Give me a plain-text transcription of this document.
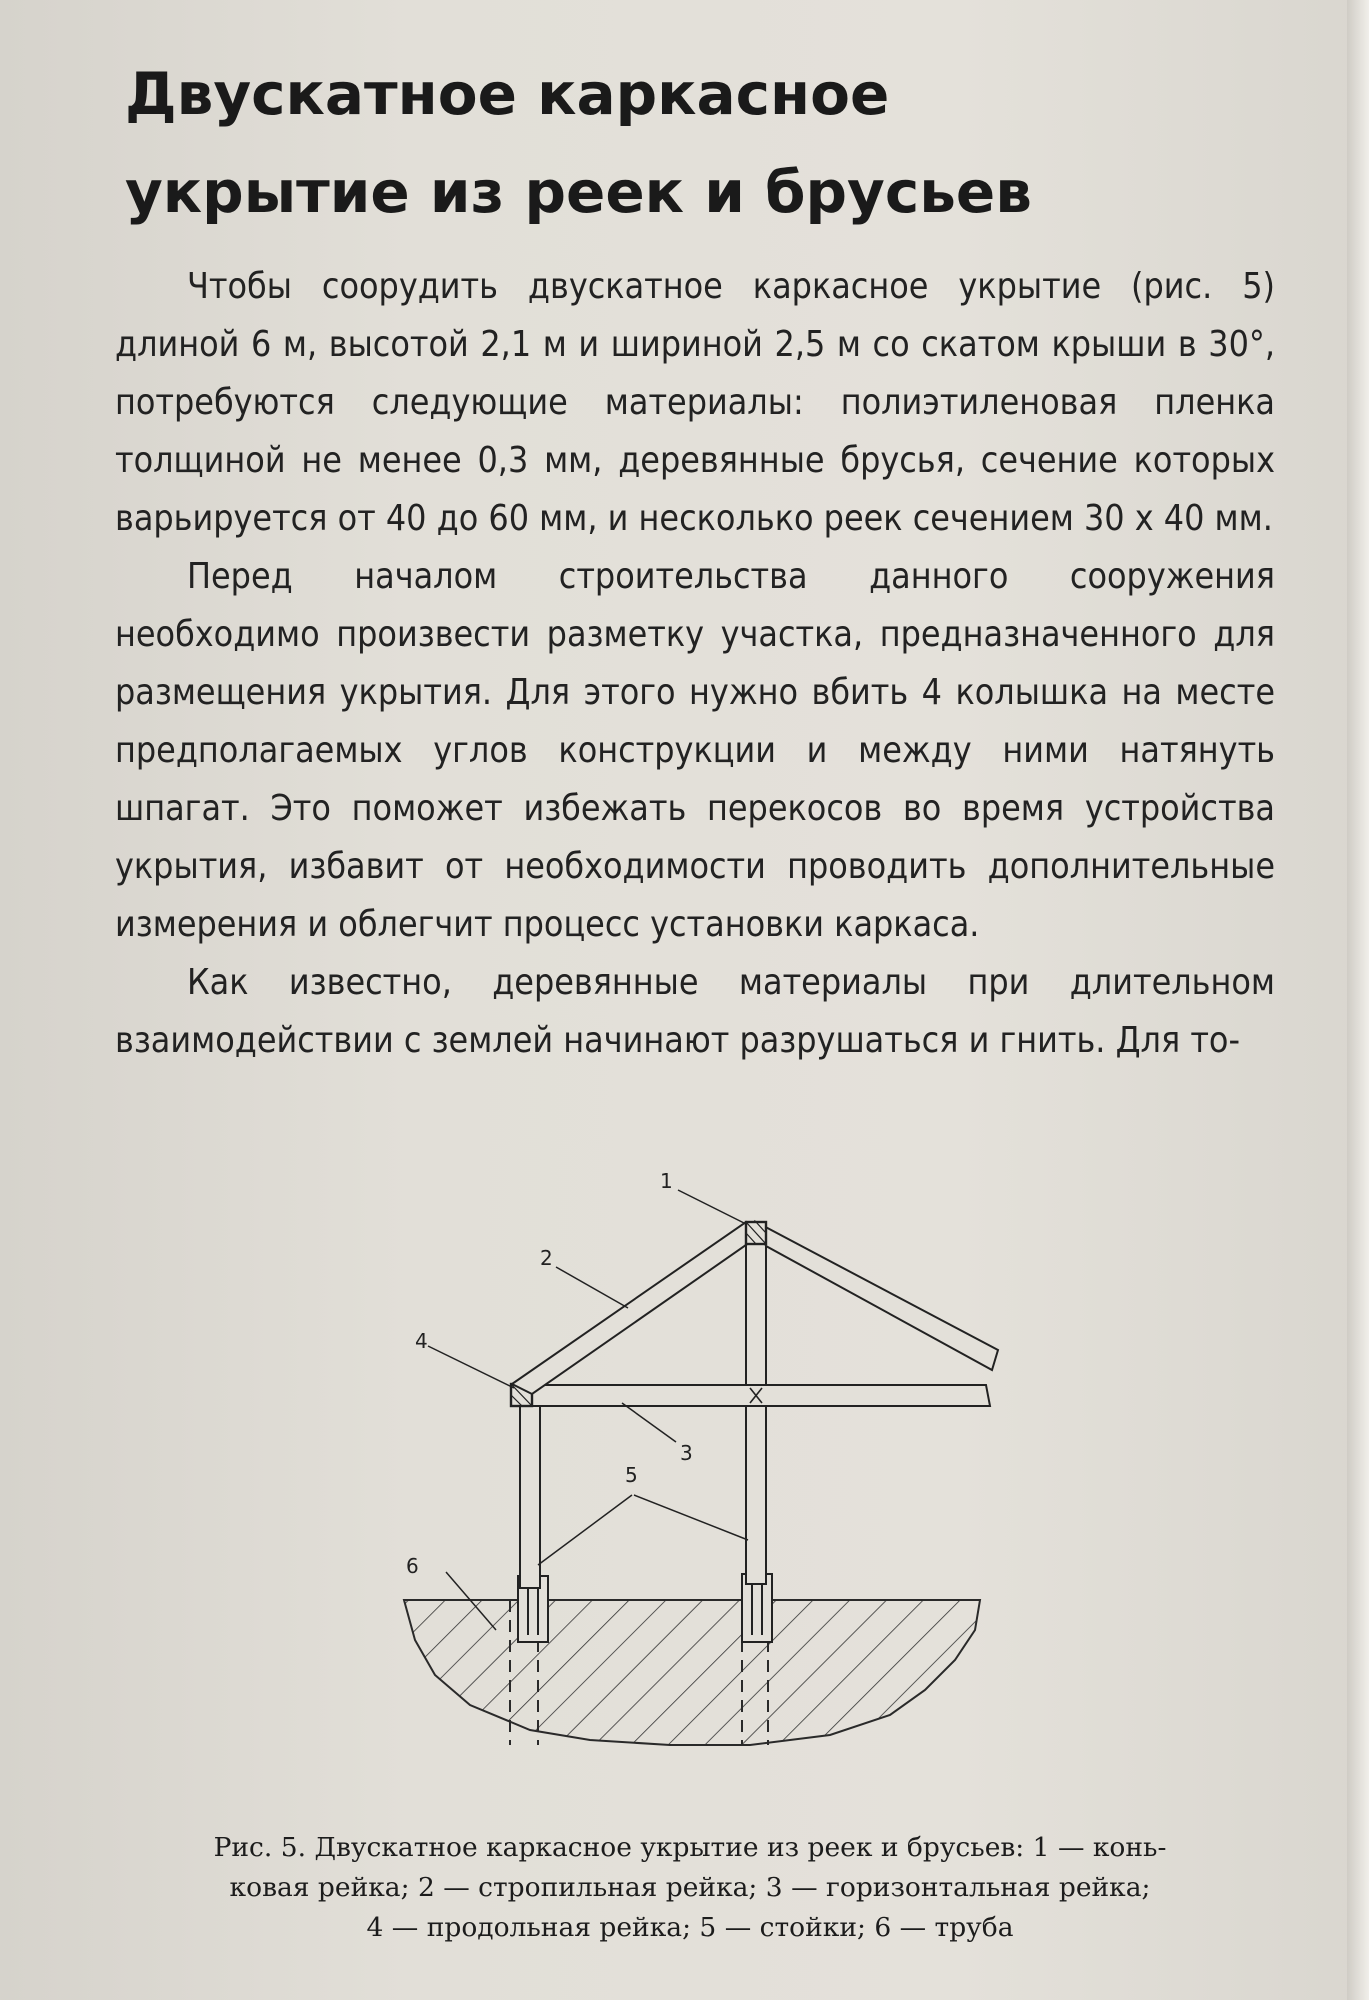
Двускатное каркасное
укрытие из реек и брусьев

Чтобы соорудить двускатное каркасное укрытие (рис. 5) длиной 6 м, высотой 2,1 м и шириной 2,5 м со скатом крыши в 30°, потребуются следующие материалы: полиэтиленовая пленка толщиной не менее 0,3 мм, деревянные брусья, сечение которых варьируется от 40 до 60 мм, и несколько реек сечением 30 х 40 мм.

Перед началом строительства данного сооружения необходимо произвести разметку участка, предназначенного для размещения укрытия. Для этого нужно вбить 4 колышка на месте предполагаемых углов конструкции и между ними натянуть шпагат. Это поможет избежать перекосов во время устройства укрытия, избавит от необходимости проводить дополнительные измерения и облегчит процесс установки каркаса.

Как известно, деревянные материалы при длительном взаимодействии с землей начинают разрушаться и гнить. Для то-

1
2
3
4
5
6
Рис. 5. Двускатное каркасное укрытие из реек и брусьев: 1 — конь-
ковая рейка; 2 — стропильная рейка; 3 — горизонтальная рейка;
4 — продольная рейка; 5 — стойки; 6 — труба
